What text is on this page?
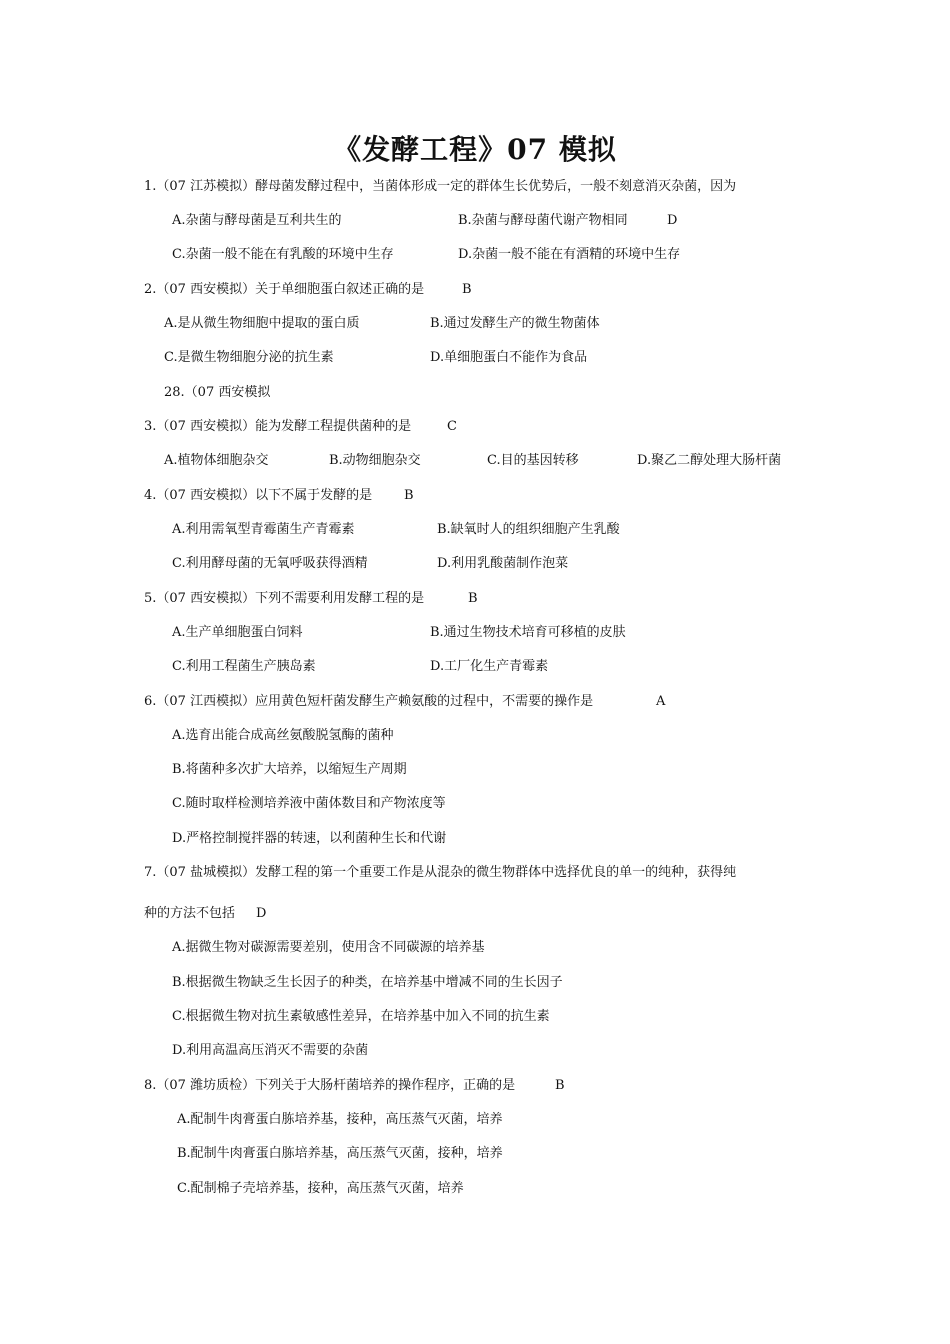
《发酵工程》07 模拟
1.（07 江苏模拟）酵母菌发酵过程中，当菌体形成一定的群体生长优势后，一般不刻意消灭杂菌，因为
A.杂菌与酵母菌是互利共生的	B.杂菌与酵母菌代谢产物相同	D
C.杂菌一般不能在有乳酸的环境中生存	D.杂菌一般不能在有酒精的环境中生存
2.（07 西安模拟）关于单细胞蛋白叙述正确的是	B
A.是从微生物细胞中提取的蛋白质	B.通过发酵生产的微生物菌体
C.是微生物细胞分泌的抗生素	D.单细胞蛋白不能作为食品
28.（07 西安模拟
3.（07 西安模拟）能为发酵工程提供菌种的是	C
A.植物体细胞杂交	B.动物细胞杂交	C.目的基因转移	D.聚乙二醇处理大肠杆菌
4.（07 西安模拟）以下不属于发酵的是 B
A.利用需氧型青霉菌生产青霉素	B.缺氧时人的组织细胞产生乳酸
C.利用酵母菌的无氧呼吸获得酒精	D.利用乳酸菌制作泡菜
5.（07 西安模拟）下列不需要利用发酵工程的是	B
A.生产单细胞蛋白饲料	B.通过生物技术培育可移植的皮肤
C.利用工程菌生产胰岛素	D.工厂化生产青霉素
6.（07 江西模拟）应用黄色短杆菌发酵生产赖氨酸的过程中，不需要的操作是	A
A.选育出能合成高丝氨酸脱氢酶的菌种
B.将菌种多次扩大培养，以缩短生产周期
C.随时取样检测培养液中菌体数目和产物浓度等
D.严格控制搅拌器的转速，以利菌种生长和代谢
7.（07 盐城模拟）发酵工程的第一个重要工作是从混杂的微生物群体中选择优良的单一的纯种，获得纯
种的方法不包括 D
A.据微生物对碳源需要差别，使用含不同碳源的培养基
B.根据微生物缺乏生长因子的种类，在培养基中增减不同的生长因子
C.根据微生物对抗生素敏感性差异，在培养基中加入不同的抗生素
D.利用高温高压消灭不需要的杂菌
8.（07 潍坊质检）下列关于大肠杆菌培养的操作程序，正确的是	B
A.配制牛肉膏蛋白胨培养基，接种，高压蒸气灭菌，培养
B.配制牛肉膏蛋白胨培养基，高压蒸气灭菌，接种，培养
C.配制棉子壳培养基，接种，高压蒸气灭菌，培养
